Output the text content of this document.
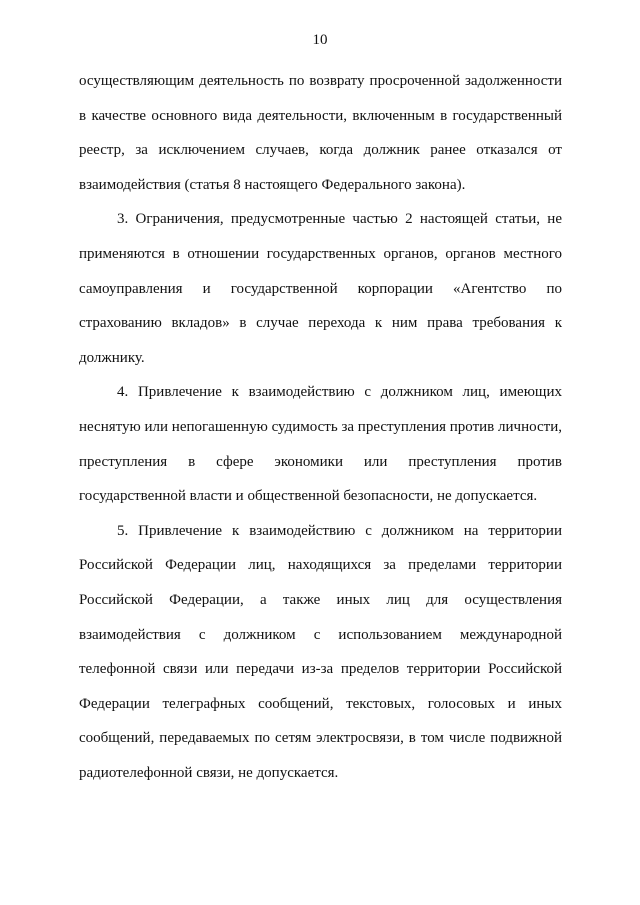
10

осуществляющим деятельность по возврату просроченной задолженности в качестве основного вида деятельности, включенным в государственный реестр, за исключением случаев, когда должник ранее отказался от взаимодействия (статья 8 настоящего Федерального закона).

3. Ограничения, предусмотренные частью 2 настоящей статьи, не применяются в отношении государственных органов, органов местного самоуправления и государственной корпорации «Агентство по страхованию вкладов» в случае перехода к ним права требования к должнику.

4. Привлечение к взаимодействию с должником лиц, имеющих неснятую или непогашенную судимость за преступления против личности, преступления в сфере экономики или преступления против государственной власти и общественной безопасности, не допускается.

5. Привлечение к взаимодействию с должником на территории Российской Федерации лиц, находящихся за пределами территории Российской Федерации, а также иных лиц для осуществления взаимодействия с должником с использованием международной телефонной связи или передачи из-за пределов территории Российской Федерации телеграфных сообщений, текстовых, голосовых и иных сообщений, передаваемых по сетям электросвязи, в том числе подвижной радиотелефонной связи, не допускается.
